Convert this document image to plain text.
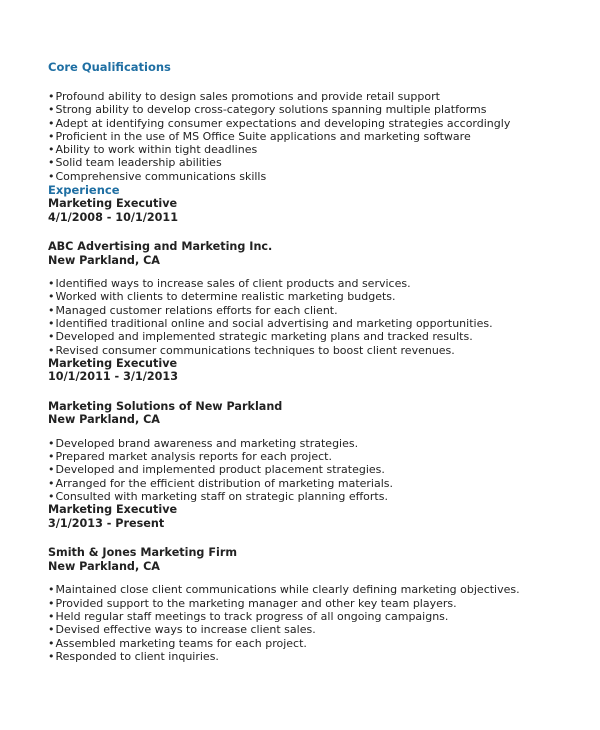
Core Qualifications
• Profound ability to design sales promotions and provide retail support
• Strong ability to develop cross-category solutions spanning multiple platforms
• Adept at identifying consumer expectations and developing strategies accordingly
• Proficient in the use of MS Office Suite applications and marketing software
• Ability to work within tight deadlines
• Solid team leadership abilities
• Comprehensive communications skills
Experience
Marketing Executive
4/1/2008 - 10/1/2011
ABC Advertising and Marketing Inc.
New Parkland, CA
• Identified ways to increase sales of client products and services.
• Worked with clients to determine realistic marketing budgets.
• Managed customer relations efforts for each client.
• Identified traditional online and social advertising and marketing opportunities.
• Developed and implemented strategic marketing plans and tracked results.
• Revised consumer communications techniques to boost client revenues.
Marketing Executive
10/1/2011 - 3/1/2013
Marketing Solutions of New Parkland
New Parkland, CA
• Developed brand awareness and marketing strategies.
• Prepared market analysis reports for each project.
• Developed and implemented product placement strategies.
• Arranged for the efficient distribution of marketing materials.
• Consulted with marketing staff on strategic planning efforts.
Marketing Executive
3/1/2013 - Present
Smith & Jones Marketing Firm
New Parkland, CA
• Maintained close client communications while clearly defining marketing objectives.
• Provided support to the marketing manager and other key team players.
• Held regular staff meetings to track progress of all ongoing campaigns.
• Devised effective ways to increase client sales.
• Assembled marketing teams for each project.
• Responded to client inquiries.
